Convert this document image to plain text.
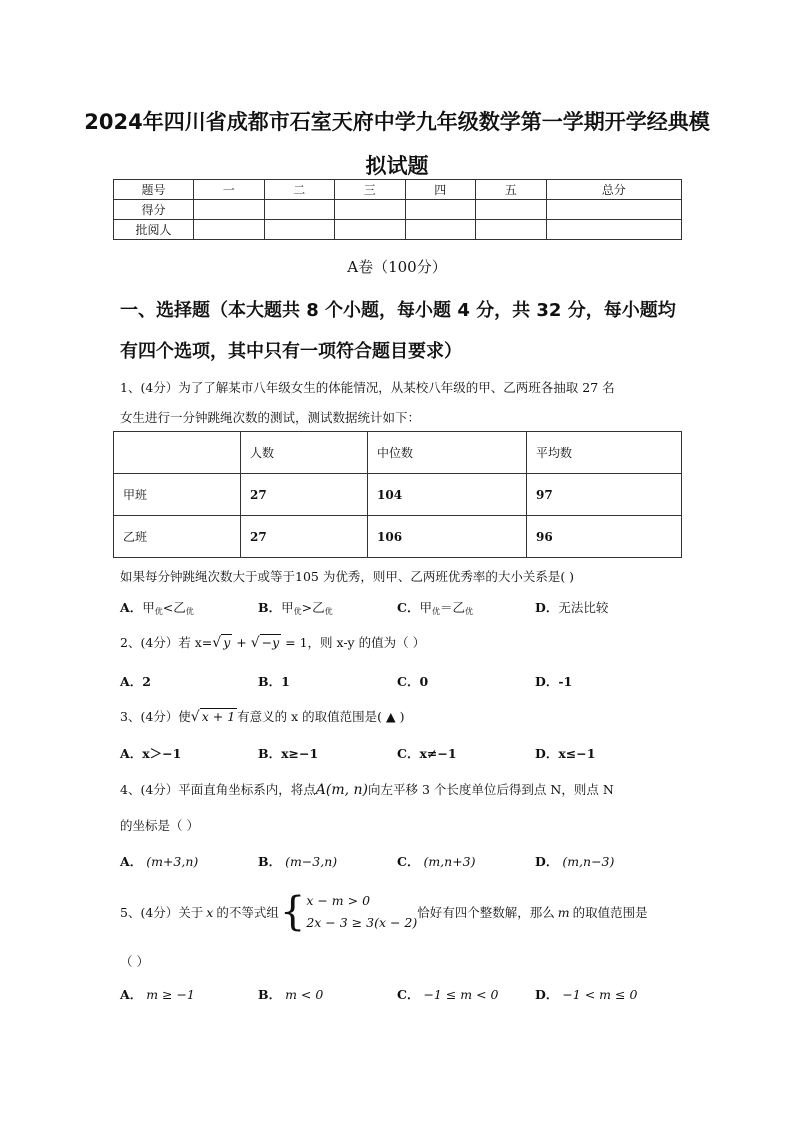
2024年四川省成都市石室天府中学九年级数学第一学期开学经典模
拟试题
题号	一	二	三	四	五	总分
得分						
批阅人						
A卷（100分）
一、选择题（本大题共 8 个小题，每小题 4 分，共 32 分，每小题均
有四个选项，其中只有一项符合题目要求）
1、(4分）为了了解某市八年级女生的体能情况，从某校八年级的甲、乙两班各抽取 27 名
女生进行一分钟跳绳次数的测试，测试数据统计如下：
	人数	中位数	平均数
甲班	27	104	97
乙班	27	106	96
如果每分钟跳绳次数大于或等于105 为优秀，则甲、乙两班优秀率的大小关系是( )
A．甲$_优$<乙$_优$	B．甲$_优$>乙$_优$	C．甲$_优$＝乙$_优$	D．无法比较
2、(4分）若 x=√ y + √ −y = 1，则 x-y 的值为（ ）
A．2	B．1	C．0	D．-1
3、(4分）使√ x + 1 有意义的 x 的取值范围是( ▲ )
A．x＞−1	B．x≥−1	C．x≠−1	D．x≤−1
4、(4分）平面直角坐标系内，将点A(m, n)向左平移 3 个长度单位后得到点 N，则点 N
的坐标是（ ）
A． (m+3,n)	B． (m−3,n)	C． (m,n+3)	D． (m,n−3)
5、(4分）关于 x 的不等式组 { x − m > 0
2x − 3 ≥ 3(x − 2)
恰好有四个整数解，那么 m 的取值范围是
（ ）
A． m ≥ −1	B． m < 0	C． −1 ≤ m < 0	D． −1 < m ≤ 0
